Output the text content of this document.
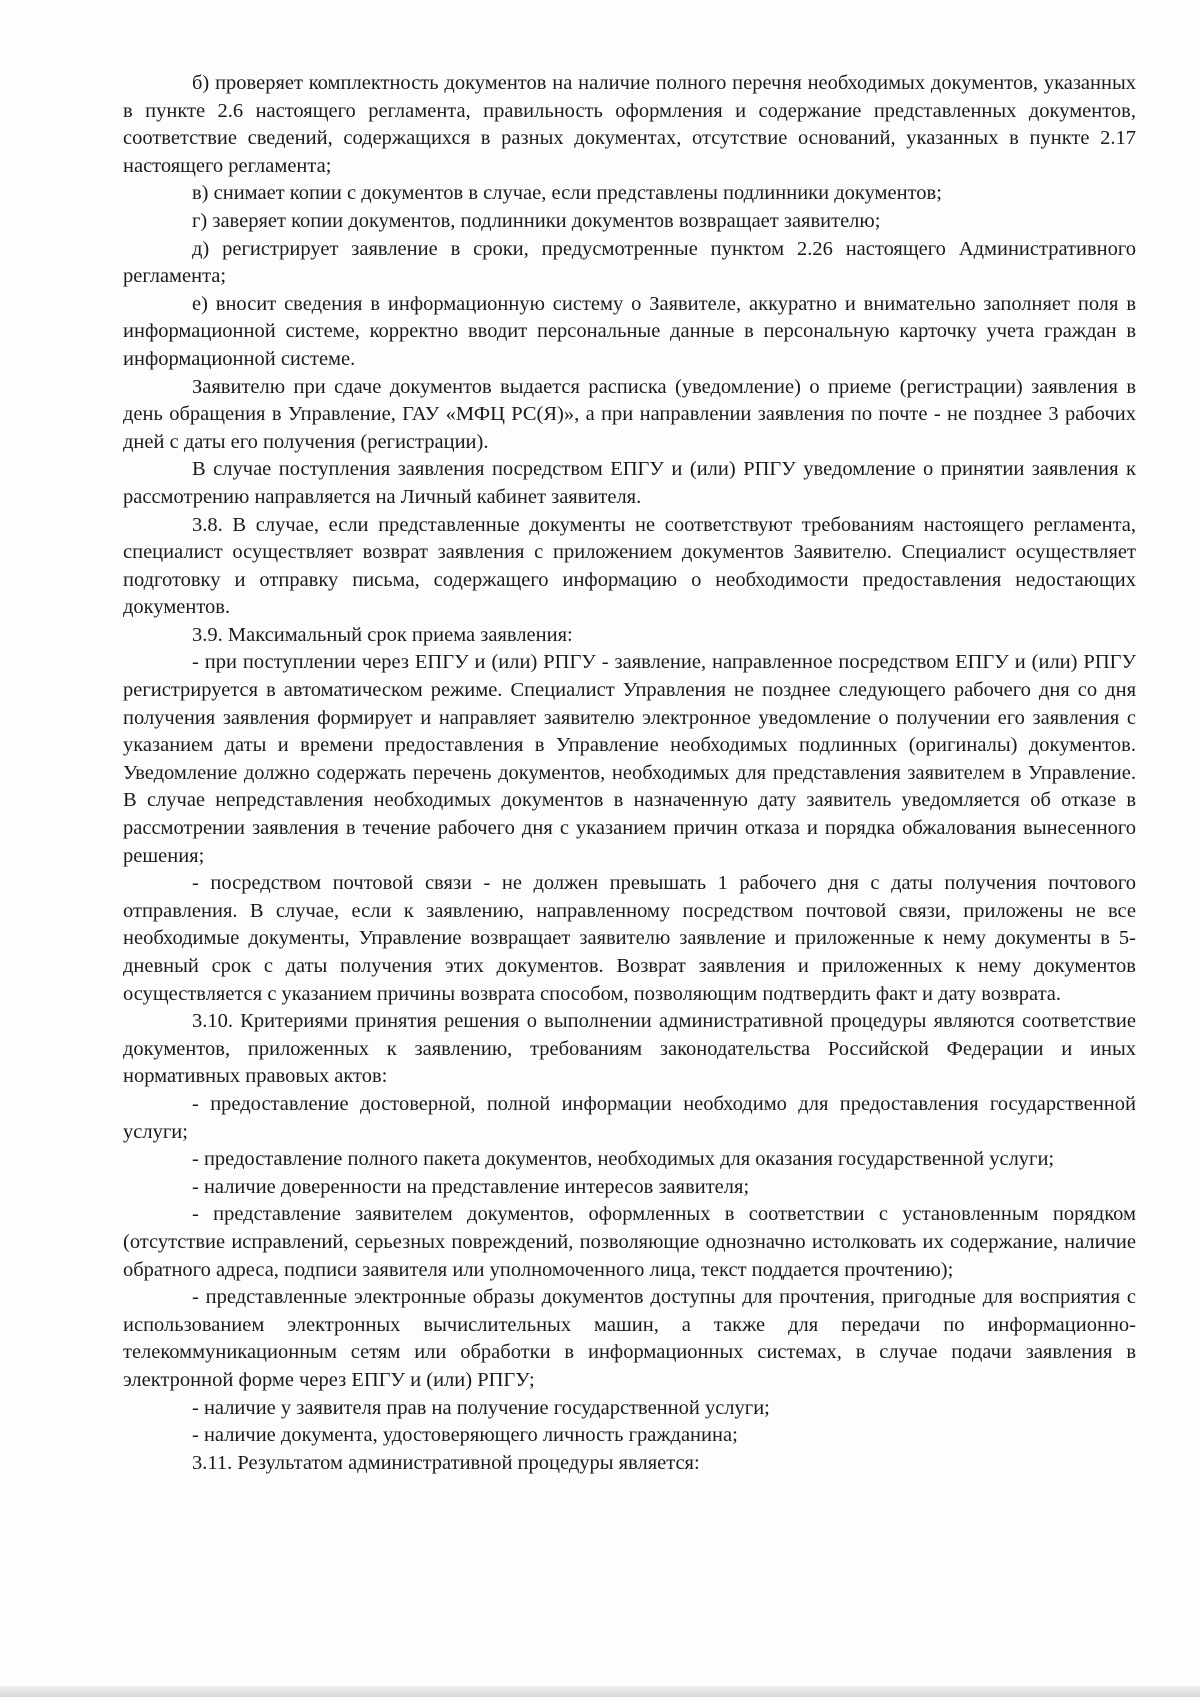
б) проверяет комплектность документов на наличие полного перечня необходимых документов, указанных в пункте 2.6 настоящего регламента, правильность оформления и содержание представленных документов, соответствие сведений, содержащихся в разных документах, отсутствие оснований, указанных в пункте 2.17 настоящего регламента;

в) снимает копии с документов в случае, если представлены подлинники документов;

г) заверяет копии документов, подлинники документов возвращает заявителю;

д) регистрирует заявление в сроки, предусмотренные пунктом 2.26 настоящего Административного регламента;

е) вносит сведения в информационную систему о Заявителе, аккуратно и внимательно заполняет поля в информационной системе, корректно вводит персональные данные в персональную карточку учета граждан в информационной системе.

Заявителю при сдаче документов выдается расписка (уведомление) о приеме (регистрации) заявления в день обращения в Управление, ГАУ «МФЦ РС(Я)», а при направлении заявления по почте - не позднее 3 рабочих дней с даты его получения (регистрации).

В случае поступления заявления посредством ЕПГУ и (или) РПГУ уведомление о принятии заявления к рассмотрению направляется на Личный кабинет заявителя.

3.8. В случае, если представленные документы не соответствуют требованиям настоящего регламента, специалист осуществляет возврат заявления с приложением документов Заявителю. Специалист осуществляет подготовку и отправку письма, содержащего информацию о необходимости предоставления недостающих документов.

3.9. Максимальный срок приема заявления:

- при поступлении через ЕПГУ и (или) РПГУ - заявление, направленное посредством ЕПГУ и (или) РПГУ регистрируется в автоматическом режиме. Специалист Управления не позднее следующего рабочего дня со дня получения заявления формирует и направляет заявителю электронное уведомление о получении его заявления с указанием даты и времени предоставления в Управление необходимых подлинных (оригиналы) документов. Уведомление должно содержать перечень документов, необходимых для представления заявителем в Управление. В случае непредставления необходимых документов в назначенную дату заявитель уведомляется об отказе в рассмотрении заявления в течение рабочего дня с указанием причин отказа и порядка обжалования вынесенного решения;

- посредством почтовой связи - не должен превышать 1 рабочего дня с даты получения почтового отправления. В случае, если к заявлению, направленному посредством почтовой связи, приложены не все необходимые документы, Управление возвращает заявителю заявление и приложенные к нему документы в 5-дневный срок с даты получения этих документов. Возврат заявления и приложенных к нему документов осуществляется с указанием причины возврата способом, позволяющим подтвердить факт и дату возврата.

3.10. Критериями принятия решения о выполнении административной процедуры являются соответствие документов, приложенных к заявлению, требованиям законодательства Российской Федерации и иных нормативных правовых актов:

- предоставление достоверной, полной информации необходимо для предоставления государственной услуги;

- предоставление полного пакета документов, необходимых для оказания государственной услуги;

- наличие доверенности на представление интересов заявителя;

- представление заявителем документов, оформленных в соответствии с установленным порядком (отсутствие исправлений, серьезных повреждений, позволяющие однозначно истолковать их содержание, наличие обратного адреса, подписи заявителя или уполномоченного лица, текст поддается прочтению);

- представленные электронные образы документов доступны для прочтения, пригодные для восприятия с использованием электронных вычислительных машин, а также для передачи по информационно-телекоммуникационным сетям или обработки в информационных системах, в случае подачи заявления в электронной форме через ЕПГУ и (или) РПГУ;

- наличие у заявителя прав на получение государственной услуги;

- наличие документа, удостоверяющего личность гражданина;

3.11. Результатом административной процедуры является:
